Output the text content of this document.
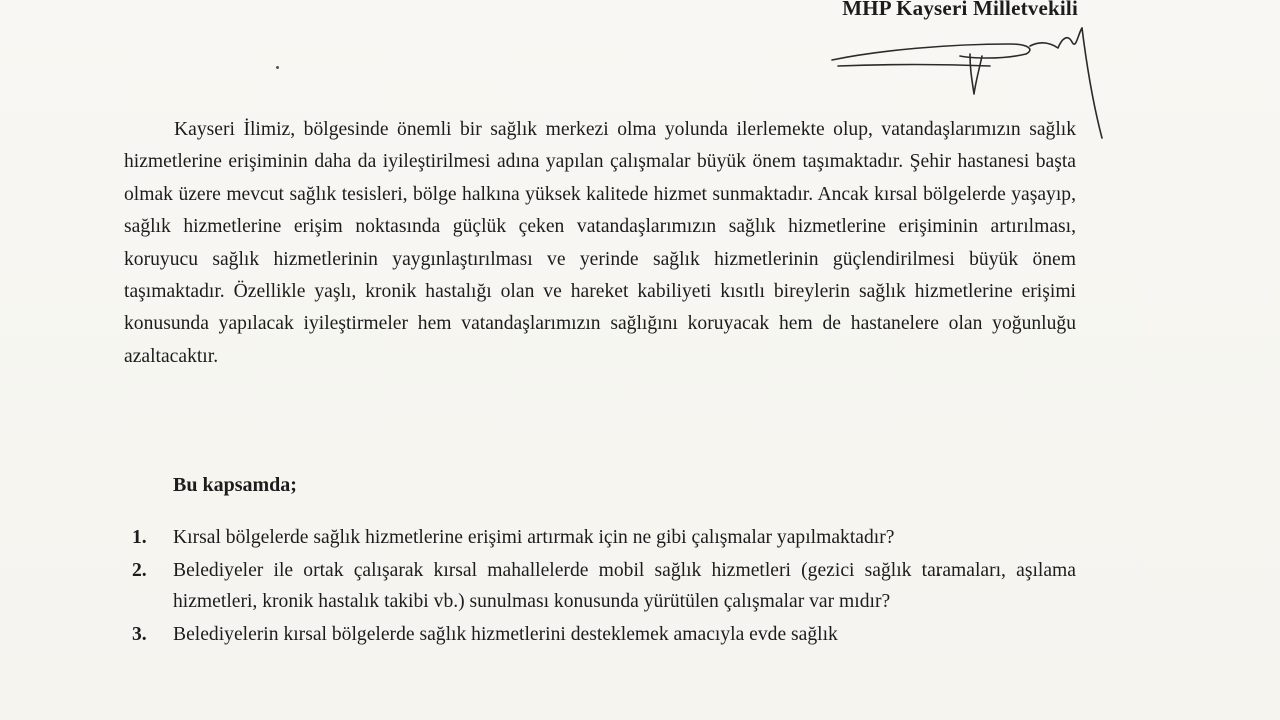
MHP Kayseri Milletvekili

Kayseri İlimiz, bölgesinde önemli bir sağlık merkezi olma yolunda ilerlemekte olup, vatandaşlarımızın sağlık hizmetlerine erişiminin daha da iyileştirilmesi adına yapılan çalışmalar büyük önem taşımaktadır. Şehir hastanesi başta olmak üzere mevcut sağlık tesisleri, bölge halkına yüksek kalitede hizmet sunmaktadır. Ancak kırsal bölgelerde yaşayıp, sağlık hizmetlerine erişim noktasında güçlük çeken vatandaşlarımızın sağlık hizmetlerine erişiminin artırılması, koruyucu sağlık hizmetlerinin yaygınlaştırılması ve yerinde sağlık hizmetlerinin güçlendirilmesi büyük önem taşımaktadır. Özellikle yaşlı, kronik hastalığı olan ve hareket kabiliyeti kısıtlı bireylerin sağlık hizmetlerine erişimi konusunda yapılacak iyileştirmeler hem vatandaşlarımızın sağlığını koruyacak hem de hastanelere olan yoğunluğu azaltacaktır.

Bu kapsamda;

1. Kırsal bölgelerde sağlık hizmetlerine erişimi artırmak için ne gibi çalışmalar yapılmaktadır?
2. Belediyeler ile ortak çalışarak kırsal mahallelerde mobil sağlık hizmetleri (gezici sağlık taramaları, aşılama hizmetleri, kronik hastalık takibi vb.) sunulması konusunda yürütülen çalışmalar var mıdır?
3. Belediyelerin kırsal bölgelerde sağlık hizmetlerini desteklemek amacıyla evde sağlık
